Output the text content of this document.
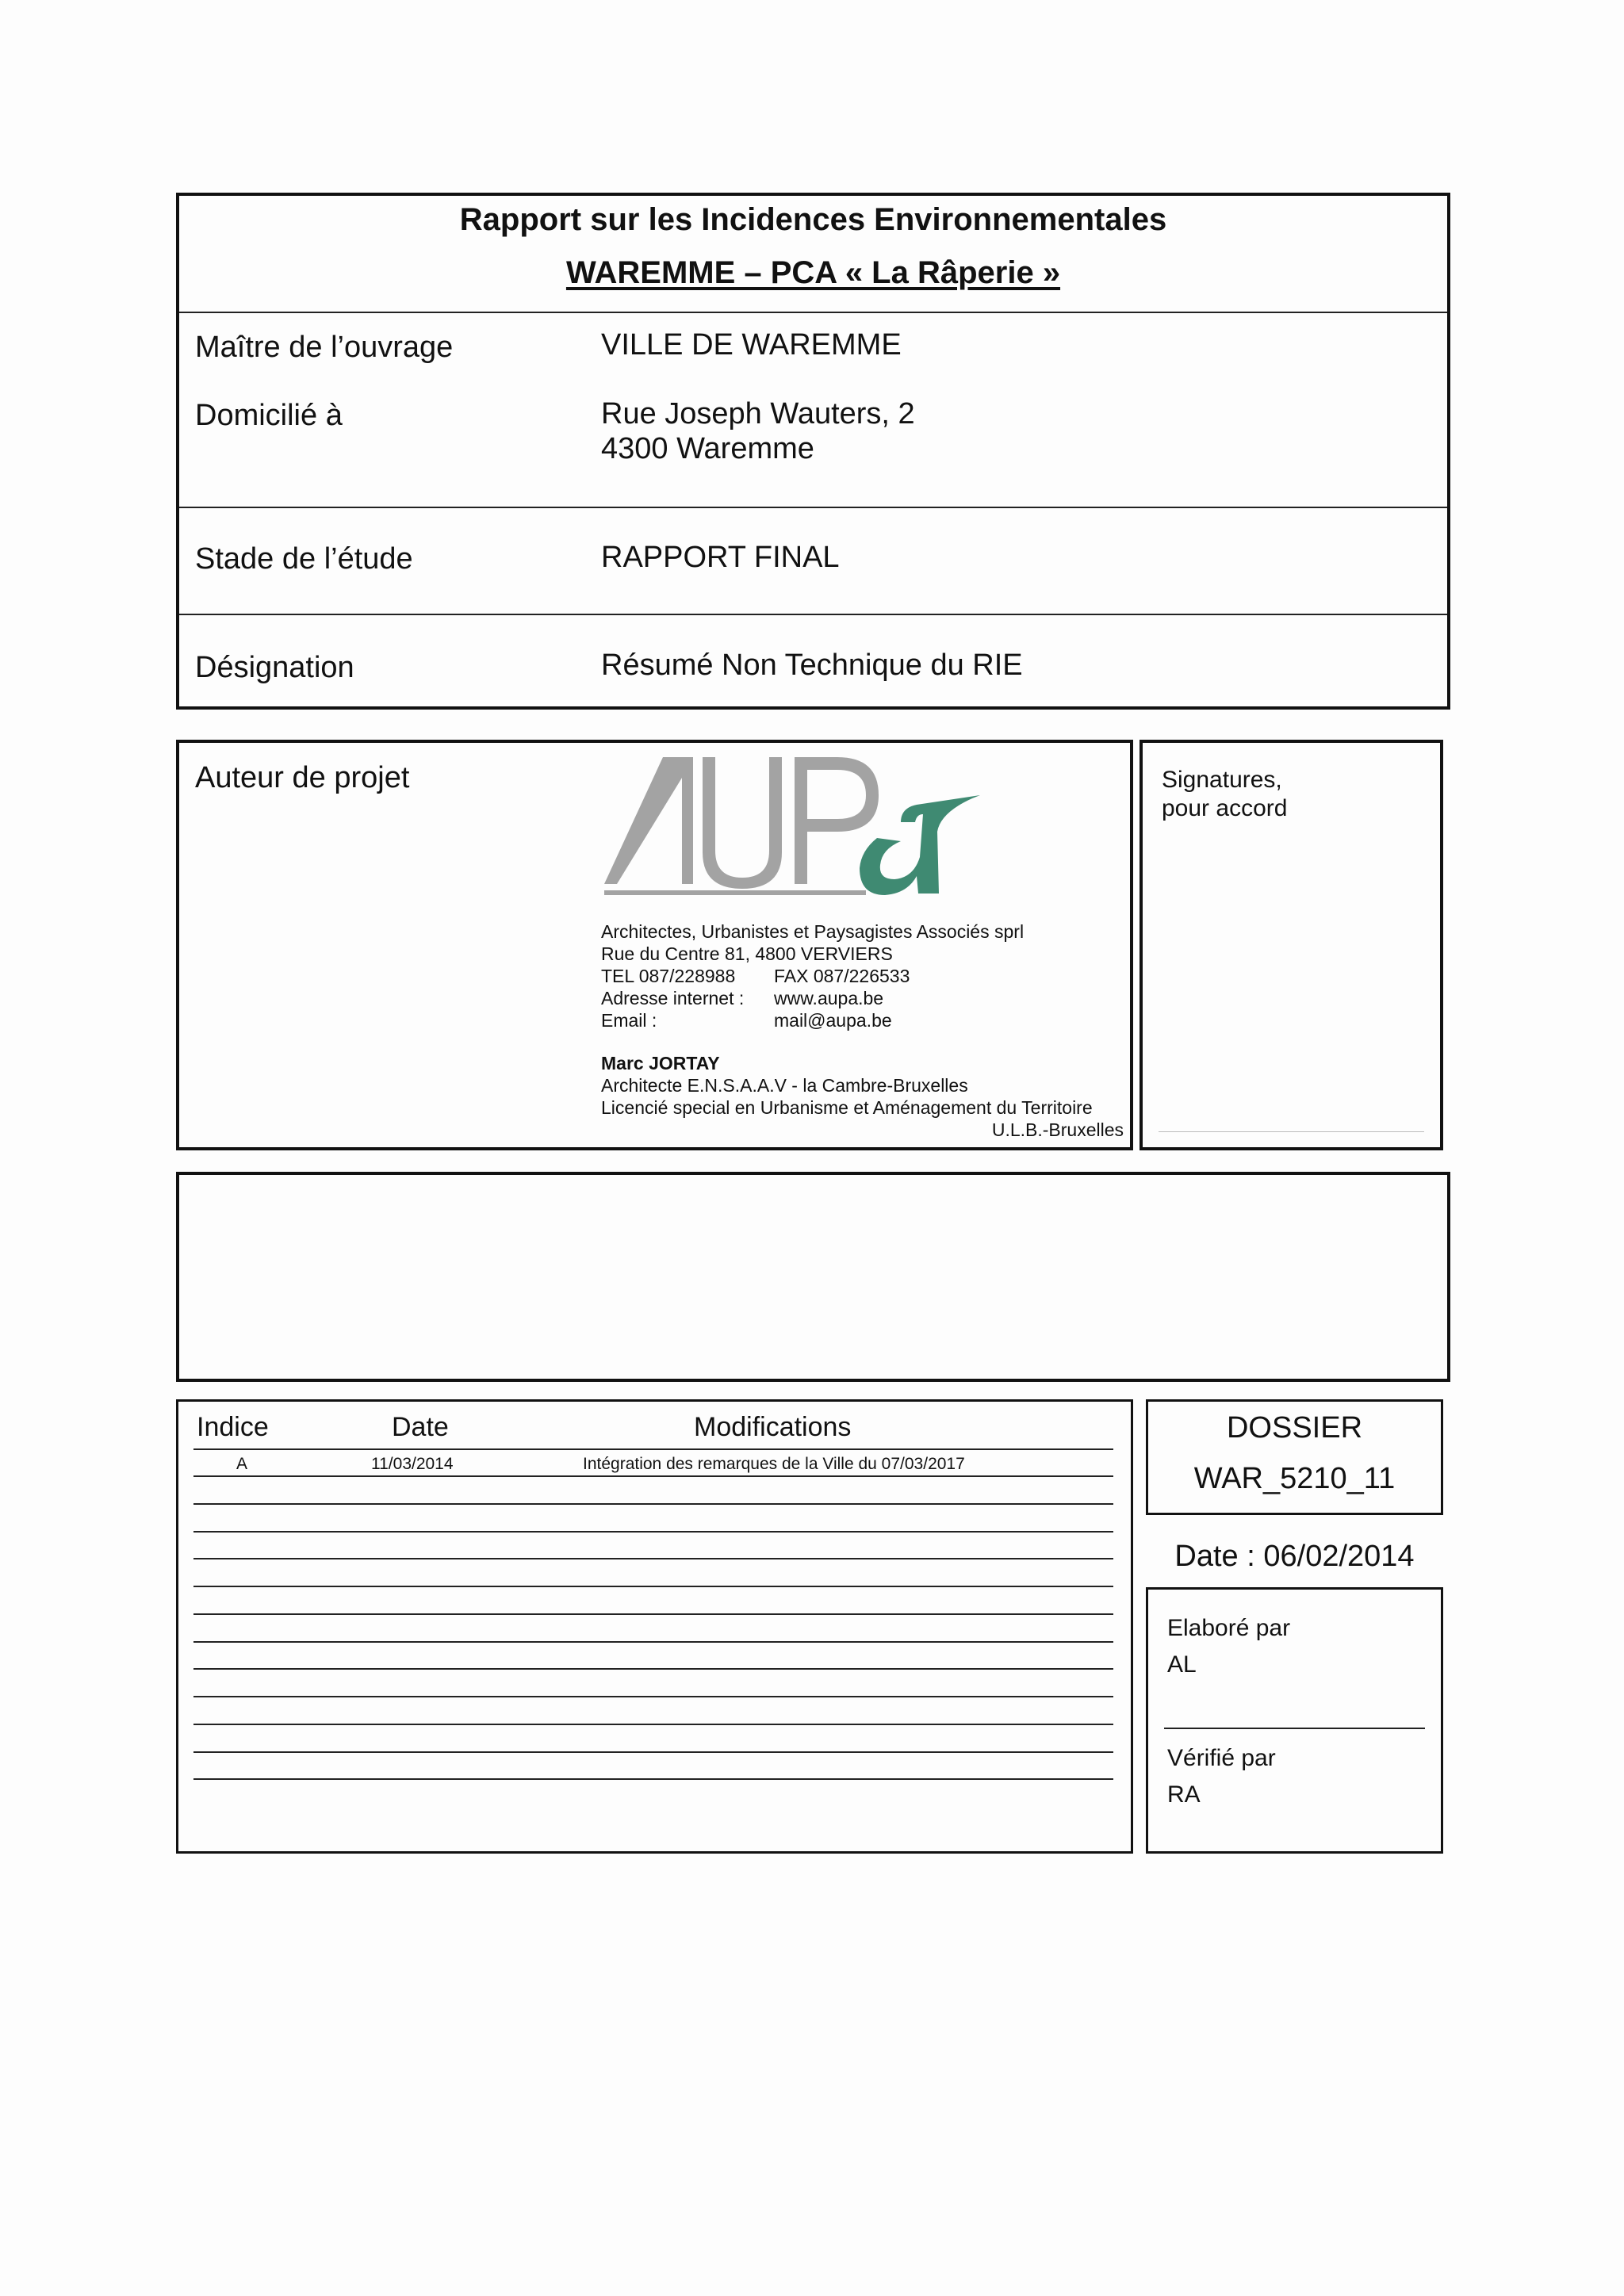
Rapport sur les Incidences Environnementales
WAREMME – PCA « La Râperie »
Maître de l’ouvrage	VILLE DE WAREMME
Domicilié à	Rue Joseph Wauters, 2
4300 Waremme
Stade de l’étude	RAPPORT FINAL
Désignation	Résumé Non Technique du RIE
Auteur de projet
Architectes, Urbanistes et Paysagistes Associés sprl
Rue du Centre 81, 4800 VERVIERS
TEL 087/228988 FAX 087/226533
Adresse internet : www.aupa.be
Email :	mail@aupa.be
Marc JORTAY
Architecte E.N.S.A.A.V - la Cambre-Bruxelles
Licencié special en Urbanisme et Aménagement du Territoire
U.L.B.-Bruxelles
Signatures,
pour accord
Indice	Date	Modifications
A	11/03/2014	Intégration des remarques de la Ville du 07/03/2017
DOSSIER
WAR_5210_11
Date : 06/02/2014
Elaboré par
AL
Vérifié par
RA
